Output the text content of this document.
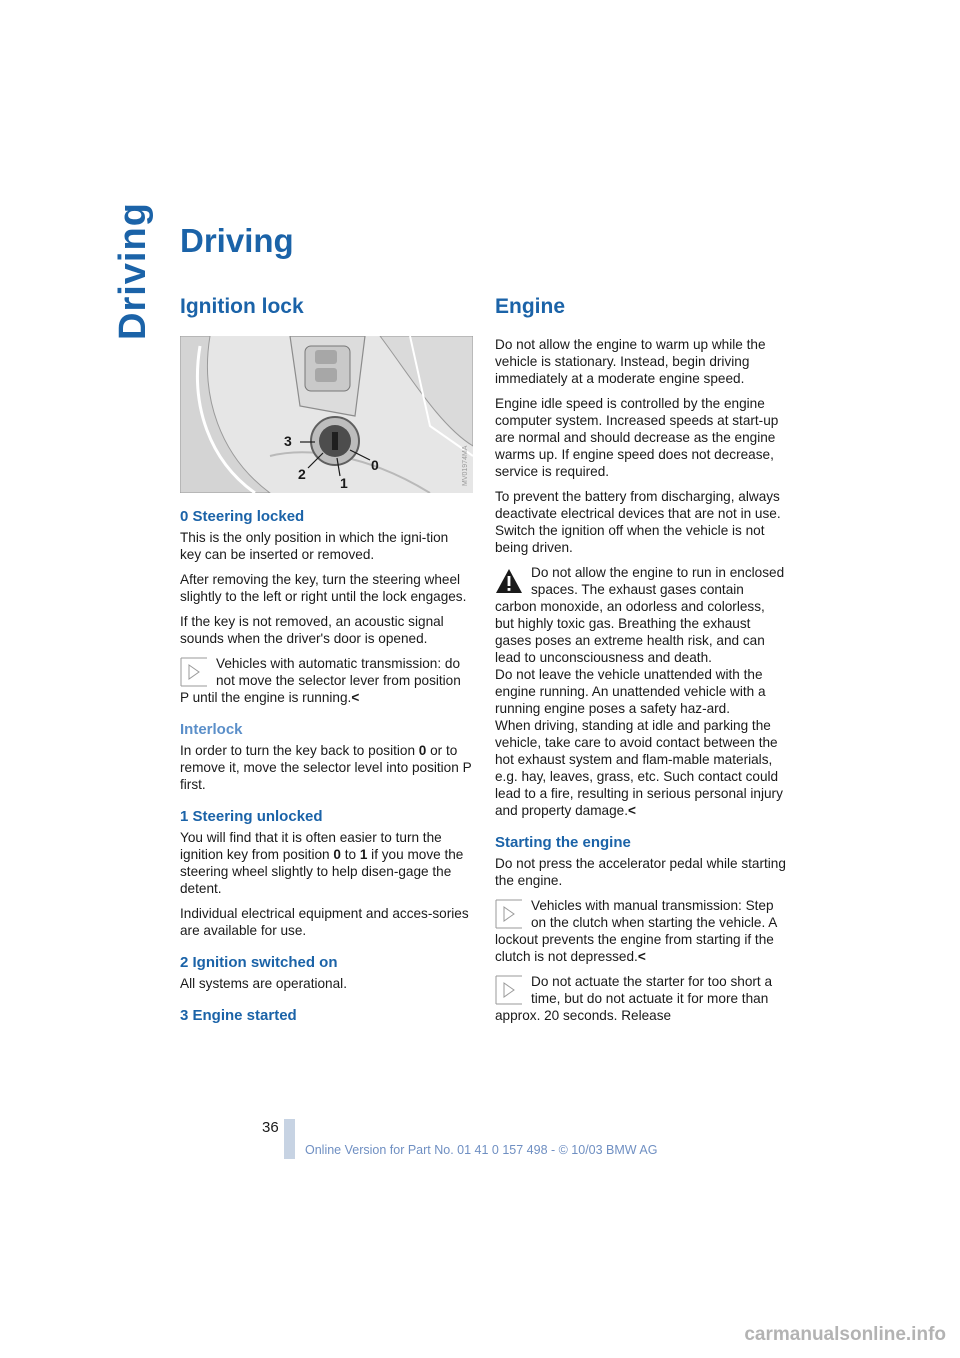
Driving Driving
Ignition lock
3
2
1
0	MV01974MA
0 Steering locked

This is the only position in which the igni-tion key can be inserted or removed.

After removing the key, turn the steering wheel slightly to the left or right until the lock engages.

If the key is not removed, an acoustic signal sounds when the driver's door is opened.

Vehicles with automatic transmission: do not move the selector lever from position P until the engine is running.<

Interlock

In order to turn the key back to position 0 or to remove it, move the selector level into position P first.

1 Steering unlocked

You will find that it is often easier to turn the ignition key from position 0 to 1 if you move the steering wheel slightly to help disen-gage the detent.

Individual electrical equipment and acces-sories are available for use.

2 Ignition switched on

All systems are operational.

3 Engine started
Engine

Do not allow the engine to warm up while the vehicle is stationary. Instead, begin driving immediately at a moderate engine speed.

Engine idle speed is controlled by the engine computer system. Increased speeds at start-up are normal and should decrease as the engine warms up. If engine speed does not decrease, service is required.

To prevent the battery from discharging, always deactivate electrical devices that are not in use. Switch the ignition off when the vehicle is not being driven.

Do not allow the engine to run in enclosed spaces. The exhaust gases contain carbon monoxide, an odorless and colorless, but highly toxic gas. Breathing the exhaust gases poses an extreme health risk, and can lead to unconsciousness and death.

Do not leave the vehicle unattended with the engine running. An unattended vehicle with a running engine poses a safety haz-ard.

When driving, standing at idle and parking the vehicle, take care to avoid contact between the hot exhaust system and flam-mable materials, e.g. hay, leaves, grass, etc. Such contact could lead to a fire, resulting in serious personal injury and property damage.<

Starting the engine

Do not press the accelerator pedal while starting the engine.

Vehicles with manual transmission: Step on the clutch when starting the vehicle. A lockout prevents the engine from starting if the clutch is not depressed.<

Do not actuate the starter for too short a time, but do not actuate it for more than approx. 20 seconds. Release

36
Online Version for Part No. 01 41 0 157 498 - © 10/03 BMW AG
carmanualsonline.info
